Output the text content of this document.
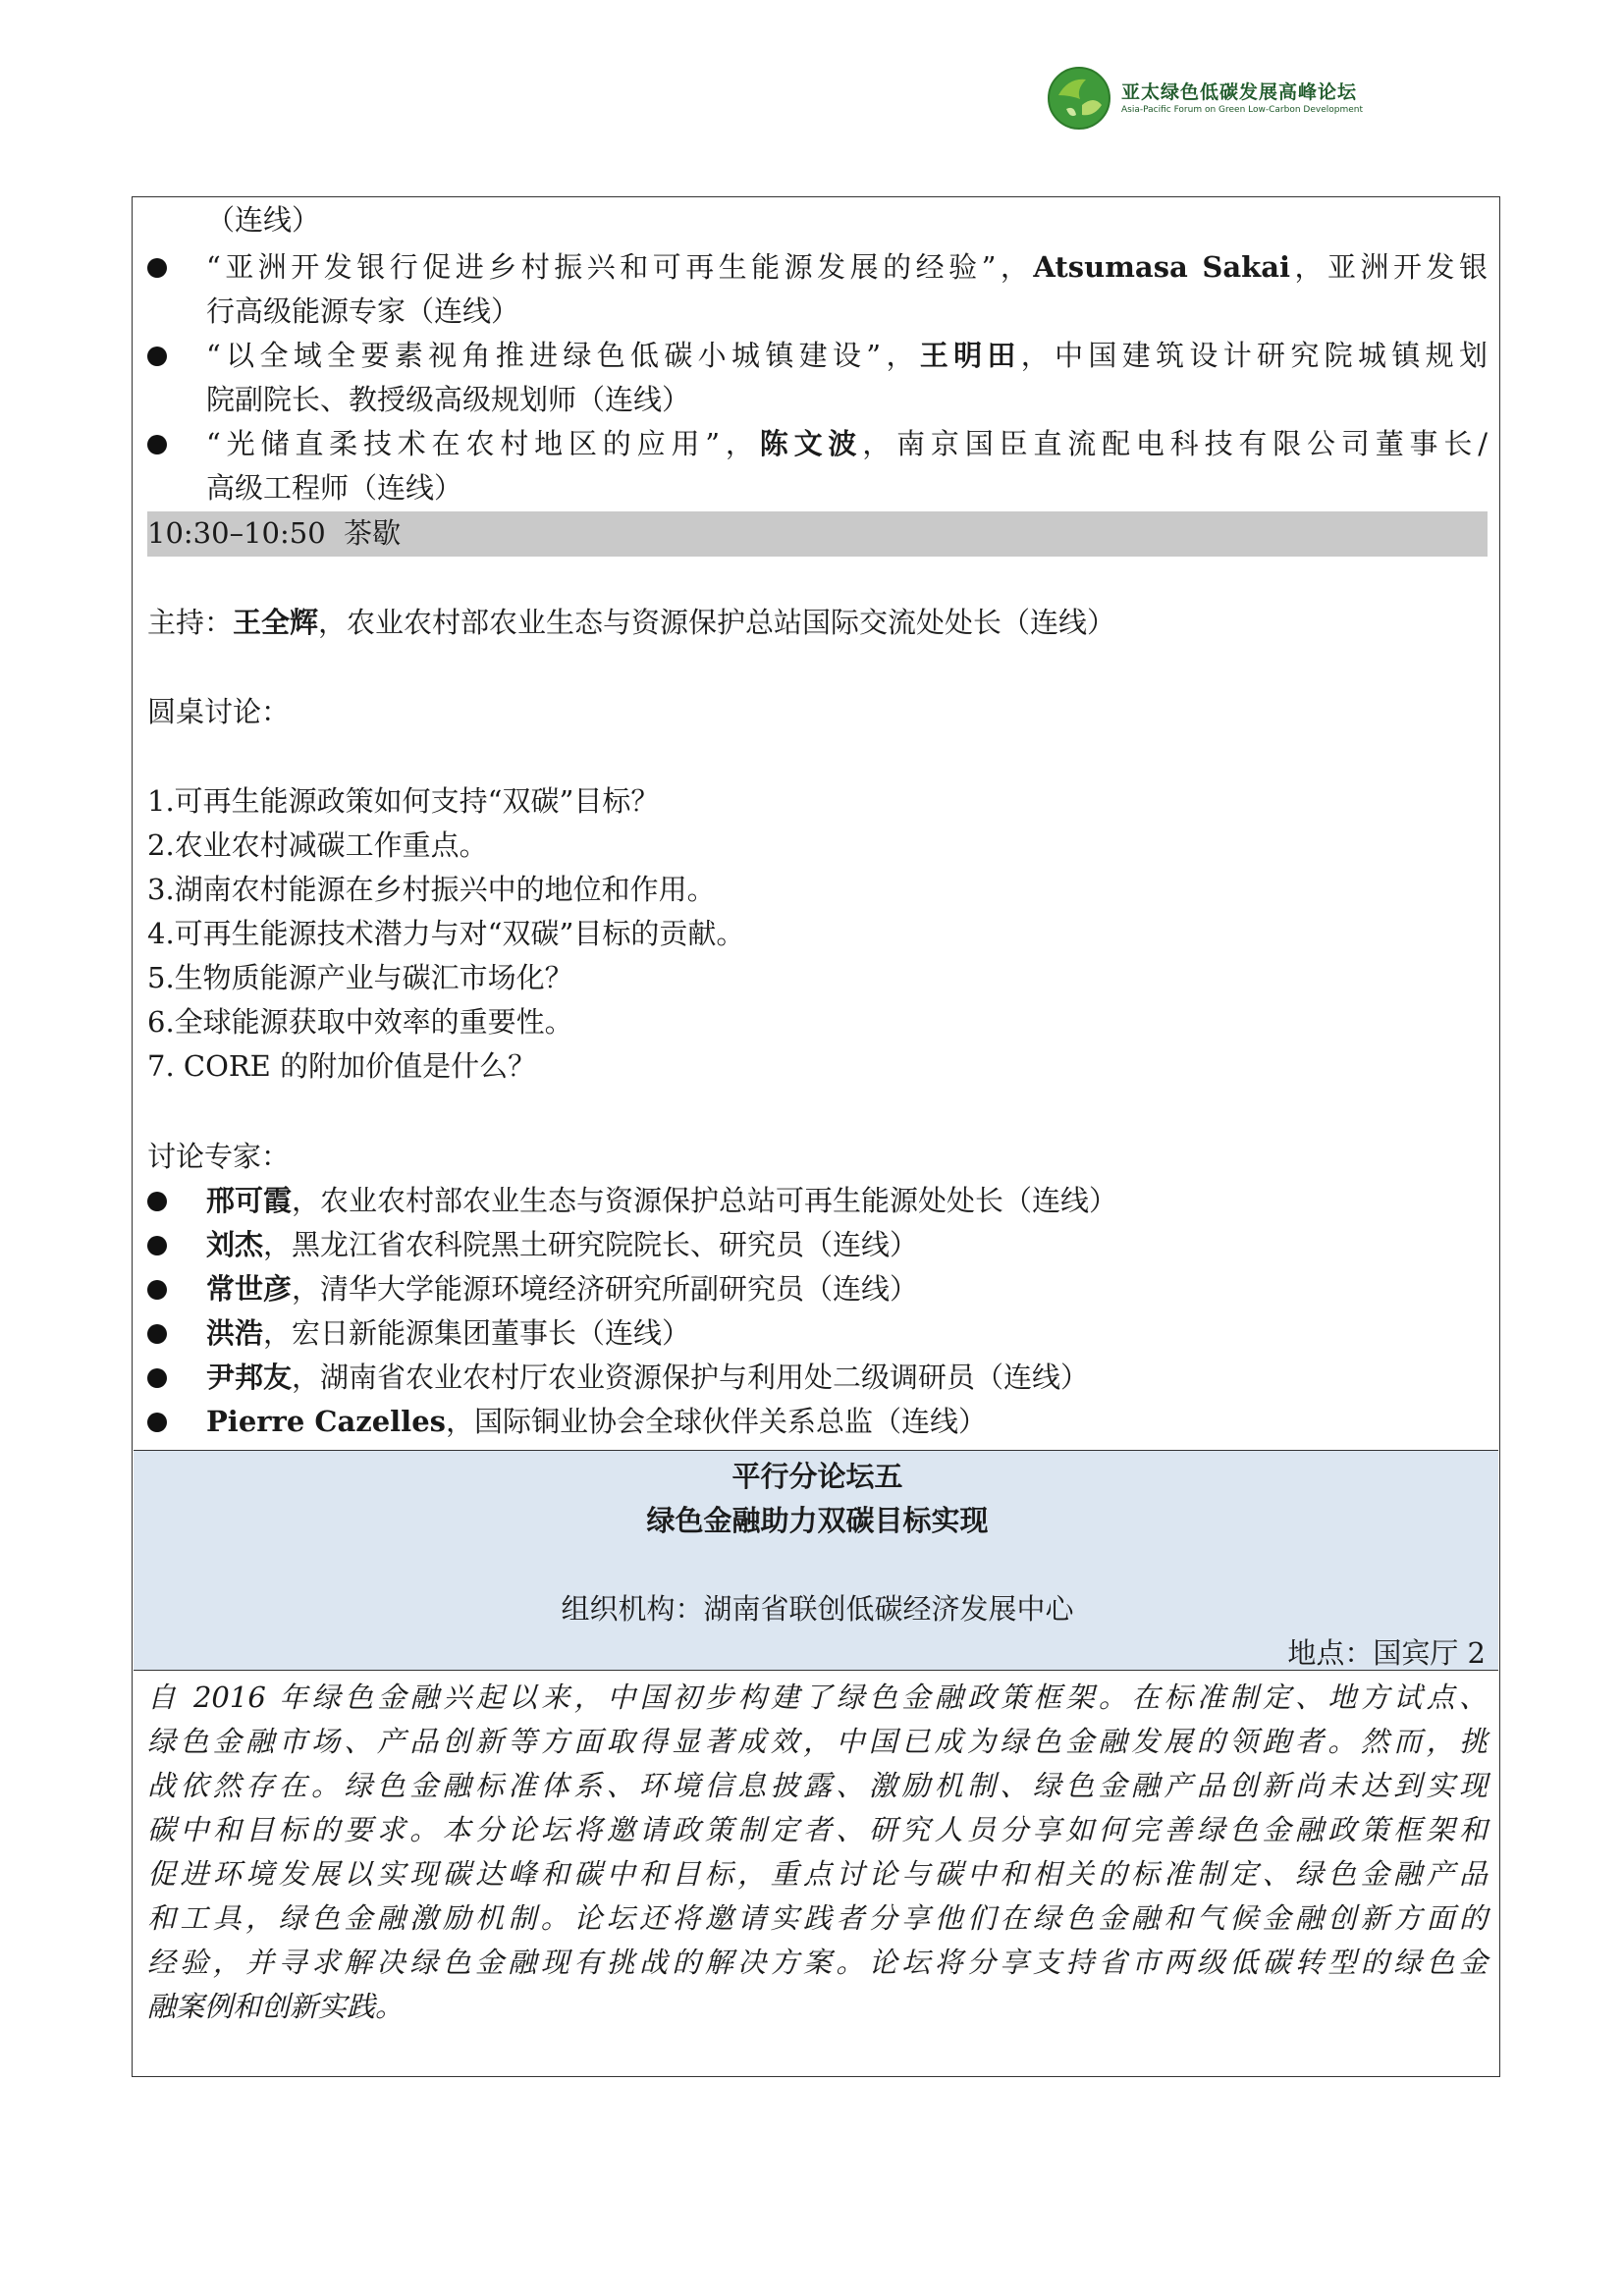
亚太绿色低碳发展高峰论坛
Asia-Pacific Forum on Green Low-Carbon Development
（连线）
“亚洲开发银行促进乡村振兴和可再生能源发展的经验”，Atsumasa Sakai，亚洲开发银
行高级能源专家（连线）
“以全域全要素视角推进绿色低碳小城镇建设”，王明田，中国建筑设计研究院城镇规划
院副院长、教授级高级规划师（连线）
“光储直柔技术在农村地区的应用”，陈文波，南京国臣直流配电科技有限公司董事长/
高级工程师（连线）
10:30–10:50 茶歇
主持：王全辉，农业农村部农业生态与资源保护总站国际交流处处长（连线）
圆桌讨论：
1.可再生能源政策如何支持“双碳”目标？
2.农业农村减碳工作重点。
3.湖南农村能源在乡村振兴中的地位和作用。
4.可再生能源技术潜力与对“双碳”目标的贡献。
5.生物质能源产业与碳汇市场化？
6.全球能源获取中效率的重要性。
7. CORE 的附加价值是什么？
讨论专家：
邢可霞，农业农村部农业生态与资源保护总站可再生能源处处长（连线）
刘杰，黑龙江省农科院黑土研究院院长、研究员（连线）
常世彦，清华大学能源环境经济研究所副研究员（连线）
洪浩，宏日新能源集团董事长（连线）
尹邦友，湖南省农业农村厅农业资源保护与利用处二级调研员（连线）
Pierre Cazelles，国际铜业协会全球伙伴关系总监（连线）
平行分论坛五
绿色金融助力双碳目标实现
组织机构：湖南省联创低碳经济发展中心
地点：国宾厅 2
自 2016 年绿色金融兴起以来，中国初步构建了绿色金融政策框架。在标准制定、地方试点、
绿色金融市场、产品创新等方面取得显著成效，中国已成为绿色金融发展的领跑者。然而，挑
战依然存在。绿色金融标准体系、环境信息披露、激励机制、绿色金融产品创新尚未达到实现
碳中和目标的要求。本分论坛将邀请政策制定者、研究人员分享如何完善绿色金融政策框架和
促进环境发展以实现碳达峰和碳中和目标，重点讨论与碳中和相关的标准制定、绿色金融产品
和工具，绿色金融激励机制。论坛还将邀请实践者分享他们在绿色金融和气候金融创新方面的
经验，并寻求解决绿色金融现有挑战的解决方案。论坛将分享支持省市两级低碳转型的绿色金
融案例和创新实践。
